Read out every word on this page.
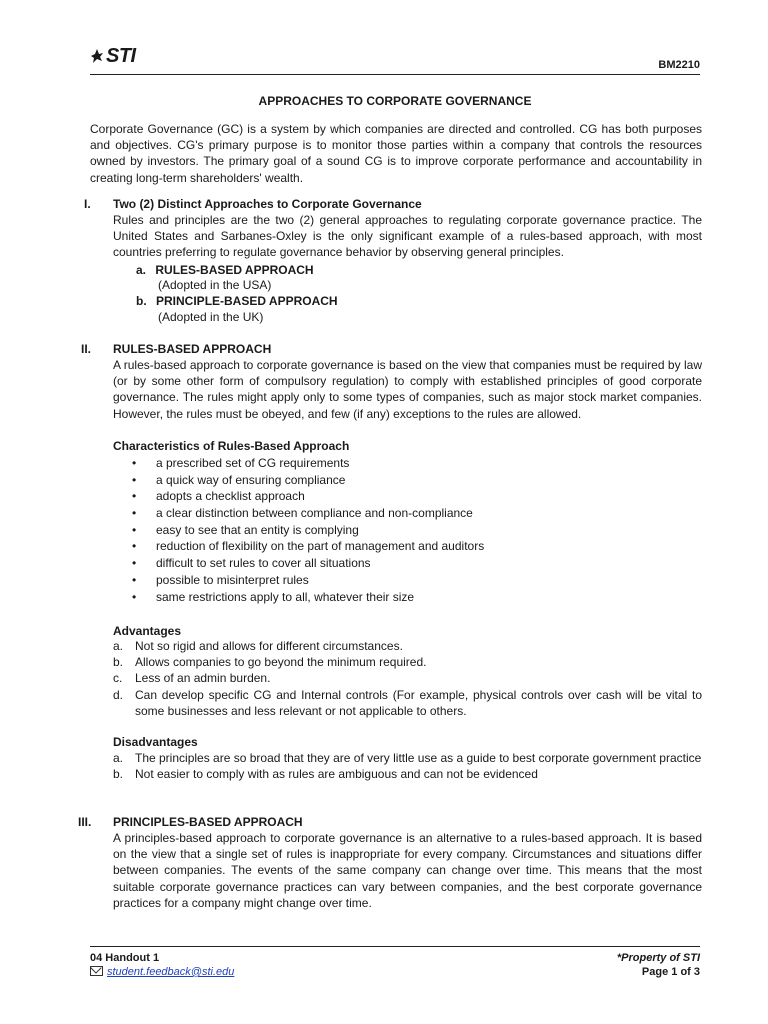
STI	BM2210
APPROACHES TO CORPORATE GOVERNANCE

Corporate Governance (GC) is a system by which companies are directed and controlled. CG has both purposes and objectives. CG's primary purpose is to monitor those parties within a company that controls the resources owned by investors. The primary goal of a sound CG is to improve corporate performance and accountability in creating long-term shareholders' wealth.

I. Two (2) Distinct Approaches to Corporate Governance

Rules and principles are the two (2) general approaches to regulating corporate governance practice. The United States and Sarbanes-Oxley is the only significant example of a rules-based approach, with most countries preferring to regulate governance behavior by observing general principles.

a. RULES-BASED APPROACH
(Adopted in the USA)
b. PRINCIPLE-BASED APPROACH
(Adopted in the UK)
II. RULES-BASED APPROACH

A rules-based approach to corporate governance is based on the view that companies must be required by law (or by some other form of compulsory regulation) to comply with established principles of good corporate governance. The rules might apply only to some types of companies, such as major stock market companies. However, the rules must be obeyed, and few (if any) exceptions to the rules are allowed.

Characteristics of Rules-Based Approach
• a prescribed set of CG requirements
• a quick way of ensuring compliance
• adopts a checklist approach
• a clear distinction between compliance and non-compliance
• easy to see that an entity is complying
• reduction of flexibility on the part of management and auditors
• difficult to set rules to cover all situations
• possible to misinterpret rules
• same restrictions apply to all, whatever their size
Advantages
a. Not so rigid and allows for different circumstances.
b. Allows companies to go beyond the minimum required.
c. Less of an admin burden.
d. Can develop specific CG and Internal controls (For example, physical controls over cash will be vital to some businesses and less relevant or not applicable to others.
Disadvantages
a. The principles are so broad that they are of very little use as a guide to best corporate government practice
b. Not easier to comply with as rules are ambiguous and can not be evidenced
III. PRINCIPLES-BASED APPROACH

A principles-based approach to corporate governance is an alternative to a rules-based approach. It is based on the view that a single set of rules is inappropriate for every company. Circumstances and situations differ between companies. The events of the same company can change over time. This means that the most suitable corporate governance practices can vary between companies, and the best corporate governance practices for a company might change over time.

04 Handout 1
student.feedback@sti.edu
*Property of STI
Page 1 of 3
